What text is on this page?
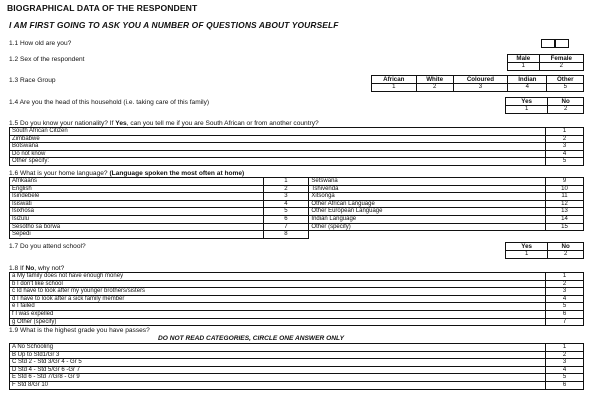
BIOGRAPHICAL DATA OF THE RESPONDENT
I AM FIRST GOING TO ASK YOU A NUMBER OF QUESTIONS ABOUT YOURSELF
1.1 How old are you?
1.2 Sex of the respondent	Male	Female
1	2
1.3 Race Group	African	White	Coloured	Indian	Other
1	2	3	4	5
1.4 Are you the head of this household (i.e. taking care of this family)	Yes	No
1	2
1.5 Do you know your nationality? If Yes, can you tell me if you are South African or from another country?
South African Citizen	1
Zimbabwe	2
Botswana	3
Do not know	4
Other specify:	5
1.6 What is your home language? (Language spoken the most often at home)
Afrikaans	1	Setswana	9
English	2	Tshivenda	10
Isindebele	3	Xitsonga	11
Isiswati	4	Other African Language	12
Isixhosa	5	Other European Language	13
Isizulu	6	Indian Language	14
Sesotho sa borwa	7	Other (specify)	15
Sepedi	8		
1.7 Do you attend school?	Yes	No
1	2
1.8 If No, why not?
a My family does not have enough money	1
b I don't like school	2
c Id have to look after my younger brothers/sisters	3
d I have to look after a sick family member	4
e I failed	5
f I was expelled	6
g Other (specify)	7
1.9 What is the highest grade you have passes?
DO NOT READ CATEGORIES, CIRCLE ONE ANSWER ONLY
A No Schooling	1
B Up to Std1/Gr 3	2
C Std 2 - Std 3/Gr 4 - Gr 5	3
D Std 4 - Std 5/Gr 6 -Gr 7	4
E Std 6 - Std 7/Gr8 - Gr 9	5
F Std 8/Gr 10	6
